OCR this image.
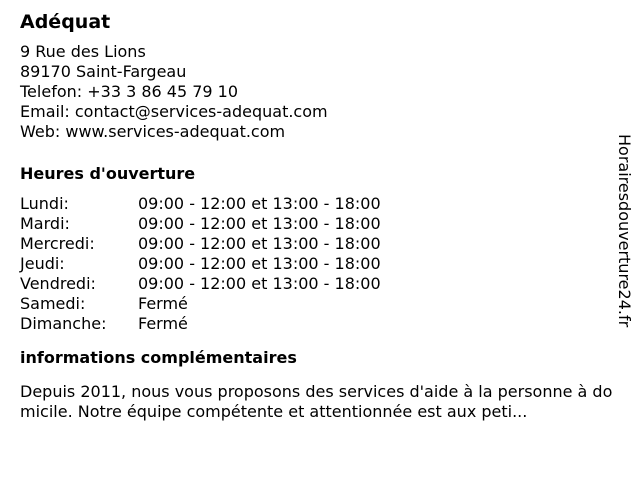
Adéquat
9 Rue des Lions
89170 Saint-Fargeau
Telefon: +33 3 86 45 79 10
Email: contact@services-adequat.com
Web: www.services-adequat.com
Heures d'ouverture
Lundi:	09:00 - 12:00 et 13:00 - 18:00
Mardi:	09:00 - 12:00 et 13:00 - 18:00
Mercredi:	09:00 - 12:00 et 13:00 - 18:00
Jeudi:	09:00 - 12:00 et 13:00 - 18:00
Vendredi:	09:00 - 12:00 et 13:00 - 18:00
Samedi:	Fermé
Dimanche:	Fermé
informations complémentaires
Depuis 2011, nous vous proposons des services d'aide à la personne à domicile. Notre équipe compétente et attentionnée est aux peti...
Horairesdouverture24.fr
